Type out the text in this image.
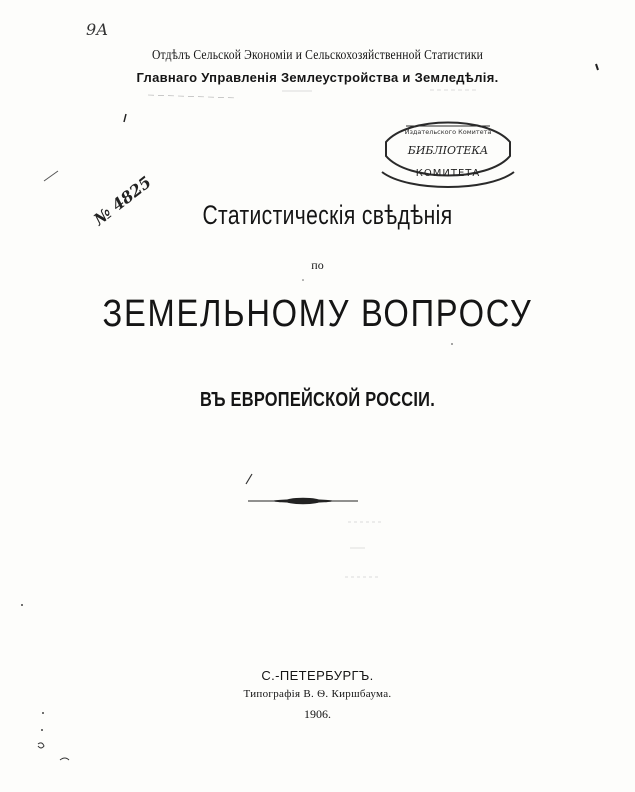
9А
Отдѣлъ Сельской Экономіи и Сельскохозяйственной Статистики
Главнаго Управленія Землеустройства и Земледѣлія.
Издательского Комитета
БИБЛІОТЕКА
КОМИТЕТА
№ 4825	Статистическія свѣдѣнія
по
ЗЕМЕЛЬНОМУ ВОПРОСУ
ВЪ ЕВРОПЕЙСКОЙ РОССІИ.
С.-ПЕТЕРБУРГЪ.
Типографія В. Ѳ. Киршбаума.
1906.
